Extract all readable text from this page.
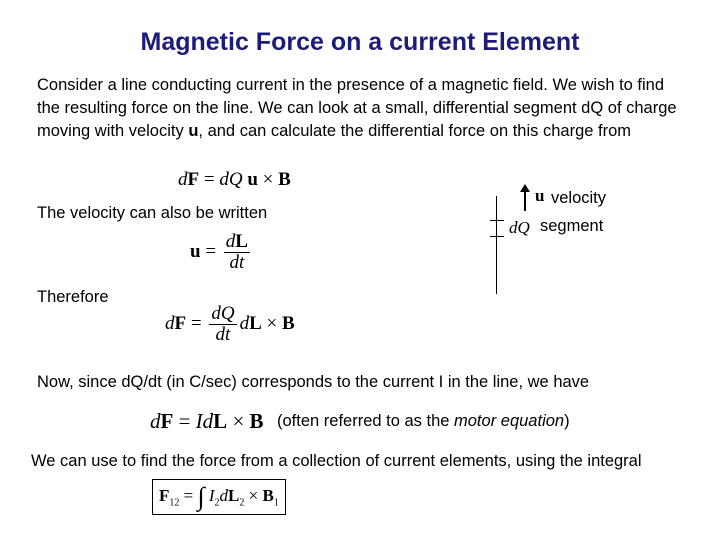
Magnetic Force on a current Element
Consider a line conducting current in the presence of a magnetic field. We wish to find the resulting force on the line. We can look at a small, differential segment dQ of charge moving with velocity u, and can calculate the differential force on this charge from
dF = dQ u × B
The velocity can also be written
$u = \frac{dL}{dt}$
u velocity
dQ segment
Therefore
dF = $\frac{dQ}{dt}$ dL × B
Now, since dQ/dt (in C/sec) corresponds to the current I in the line, we have
dF = IdL × B (often referred to as the motor equation)
We can use to find the force from a collection of current elements, using the integral
$F_{12}$ = ∫ $I_2dL_2 \times B_1$
